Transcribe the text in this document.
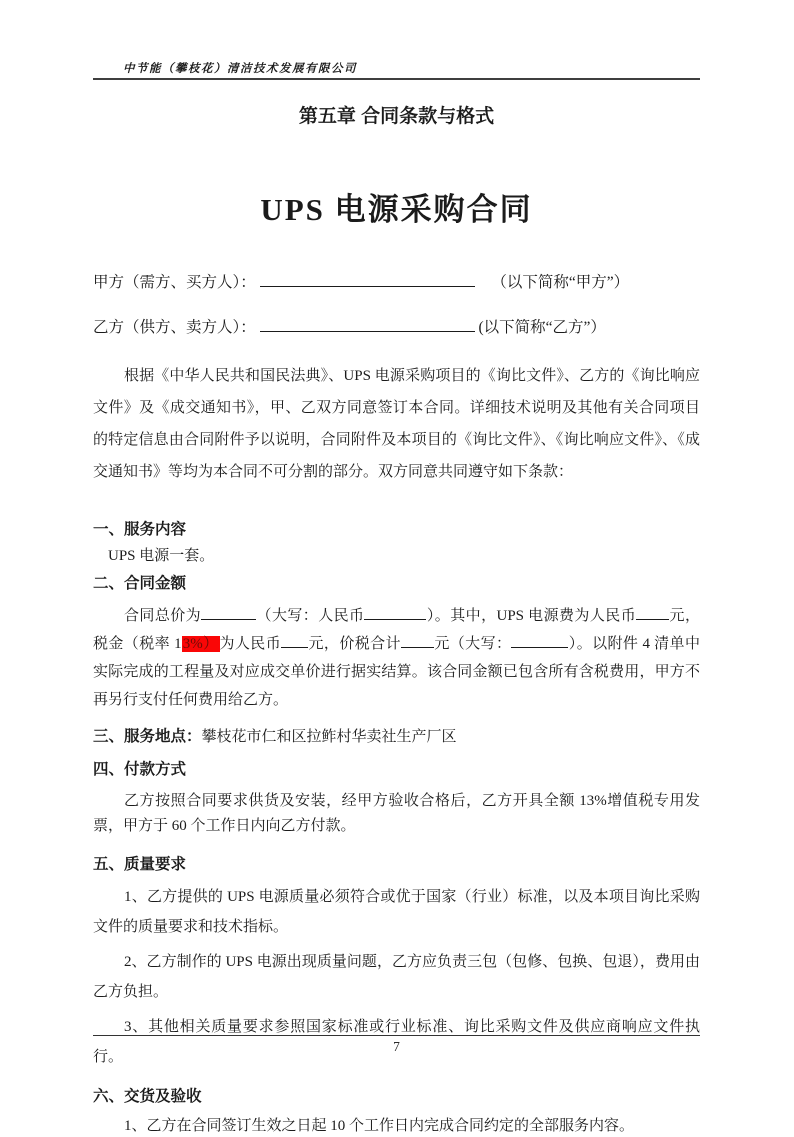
中节能（攀枝花）清洁技术发展有限公司
第五章 合同条款与格式
UPS 电源采购合同
甲方（需方、买方人）：	（以下简称“甲方”）
乙方（供方、卖方人）：	(以下简称“乙方”）

根据《中华人民共和国民法典》、UPS 电源采购项目的《询比文件》、乙方的《询比响应文件》及《成交通知书》，甲、乙双方同意签订本合同。详细技术说明及其他有关合同项目的特定信息由合同附件予以说明，合同附件及本项目的《询比文件》、《询比响应文件》、《成交通知书》等均为本合同不可分割的部分。双方同意共同遵守如下条款：

一、服务内容

UPS 电源一套。

二、合同金额

合同总价为	（大写：人民币	）。其中，UPS 电源费为人民币 元，税金（税率 13%）为人民币 元，价税合计 元（大写：	）。以附件 4 清单中实际完成的工程量及对应成交单价进行据实结算。该合同金额已包含所有含税费用，甲方不再另行支付任何费用给乙方。

三、服务地点：攀枝花市仁和区拉鲊村华卖社生产厂区
四、付款方式

乙方按照合同要求供货及安装，经甲方验收合格后，乙方开具全额 13%增值税专用发票，甲方于 60 个工作日内向乙方付款。

五、质量要求

1、乙方提供的 UPS 电源质量必须符合或优于国家（行业）标准，以及本项目询比采购文件的质量要求和技术指标。

2、乙方制作的 UPS 电源出现质量问题，乙方应负责三包（包修、包换、包退），费用由乙方负担。

3、其他相关质量要求参照国家标准或行业标准、询比采购文件及供应商响应文件执行。

六、交货及验收

1、乙方在合同签订生效之日起 10 个工作日内完成合同约定的全部服务内容。

7
